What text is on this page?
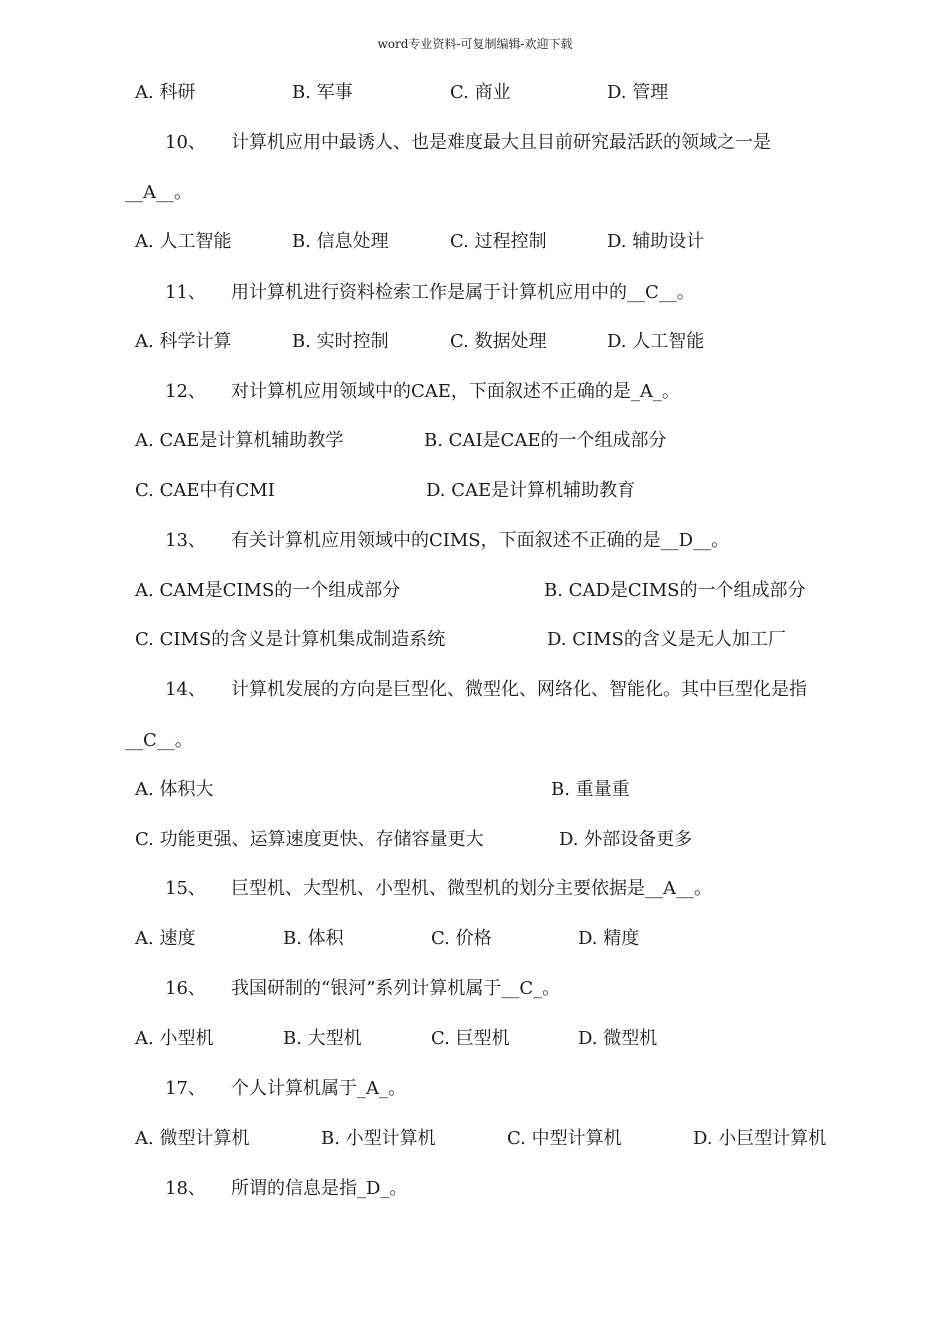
word专业资料-可复制编辑-欢迎下载
A. 科研	B. 军事	C. 商业	D. 管理
10、 计算机应用中最诱人、也是难度最大且目前研究最活跃的领域之一是
__A__。
A. 人工智能	B. 信息处理	C. 过程控制	D. 辅助设计
11、 用计算机进行资料检索工作是属于计算机应用中的__C__。
A. 科学计算	B. 实时控制	C. 数据处理	D. 人工智能
12、 对计算机应用领域中的CAE，下面叙述不正确的是_A_。
A. CAE是计算机辅助教学	B. CAI是CAE的一个组成部分
C. CAE中有CMI	D. CAE是计算机辅助教育
13、 有关计算机应用领域中的CIMS，下面叙述不正确的是__D__。
A. CAM是CIMS的一个组成部分	B. CAD是CIMS的一个组成部分
C. CIMS的含义是计算机集成制造系统	D. CIMS的含义是无人加工厂
14、 计算机发展的方向是巨型化、微型化、网络化、智能化。其中巨型化是指
__C__。
A. 体积大	B. 重量重
C. 功能更强、运算速度更快、存储容量更大	D. 外部设备更多
15、 巨型机、大型机、小型机、微型机的划分主要依据是__A__。
A. 速度	B. 体积	C. 价格	D. 精度
16、 我国研制的“银河”系列计算机属于__C_。
A. 小型机	B. 大型机	C. 巨型机	D. 微型机
17、 个人计算机属于_A_。
A. 微型计算机	B. 小型计算机	C. 中型计算机	D. 小巨型计算机
18、 所谓的信息是指_D_。
